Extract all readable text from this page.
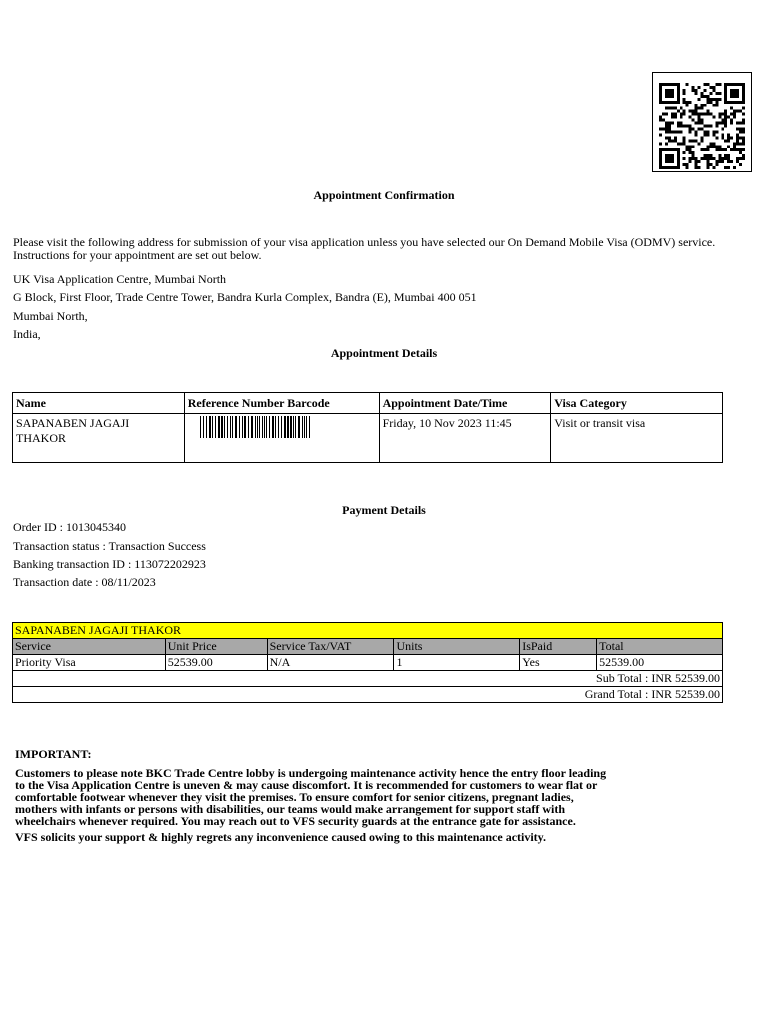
Appointment Confirmation
Please visit the following address for submission of your visa application unless you have selected our On Demand Mobile Visa (ODMV) service. Instructions for your appointment are set out below.
UK Visa Application Centre, Mumbai North
G Block, First Floor, Trade Centre Tower, Bandra Kurla Complex, Bandra (E), Mumbai 400 051
Mumbai North,
India,
Appointment Details
Name	Reference Number Barcode	Appointment Date/Time	Visa Category
SAPANABEN JAGAJI THAKOR		Friday, 10 Nov 2023 11:45	Visit or transit visa
Payment Details
Order ID : 1013045340
Transaction status : Transaction Success
Banking transaction ID : 113072202923
Transaction date : 08/11/2023
SAPANABEN JAGAJI THAKOR					
Service	Unit Price	Service Tax/VAT	Units	IsPaid	Total
Priority Visa	52539.00	N/A	1	Yes	52539.00
Sub Total : INR 52539.00					
Grand Total : INR 52539.00					

IMPORTANT:

Customers to please note BKC Trade Centre lobby is undergoing maintenance activity hence the entry floor leading to the Visa Application Centre is uneven & may cause discomfort. It is recommended for customers to wear flat or comfortable footwear whenever they visit the premises. To ensure comfort for senior citizens, pregnant ladies, mothers with infants or persons with disabilities, our teams would make arrangement for support staff with wheelchairs whenever required. You may reach out to VFS security guards at the entrance gate for assistance.

VFS solicits your support & highly regrets any inconvenience caused owing to this maintenance activity.
